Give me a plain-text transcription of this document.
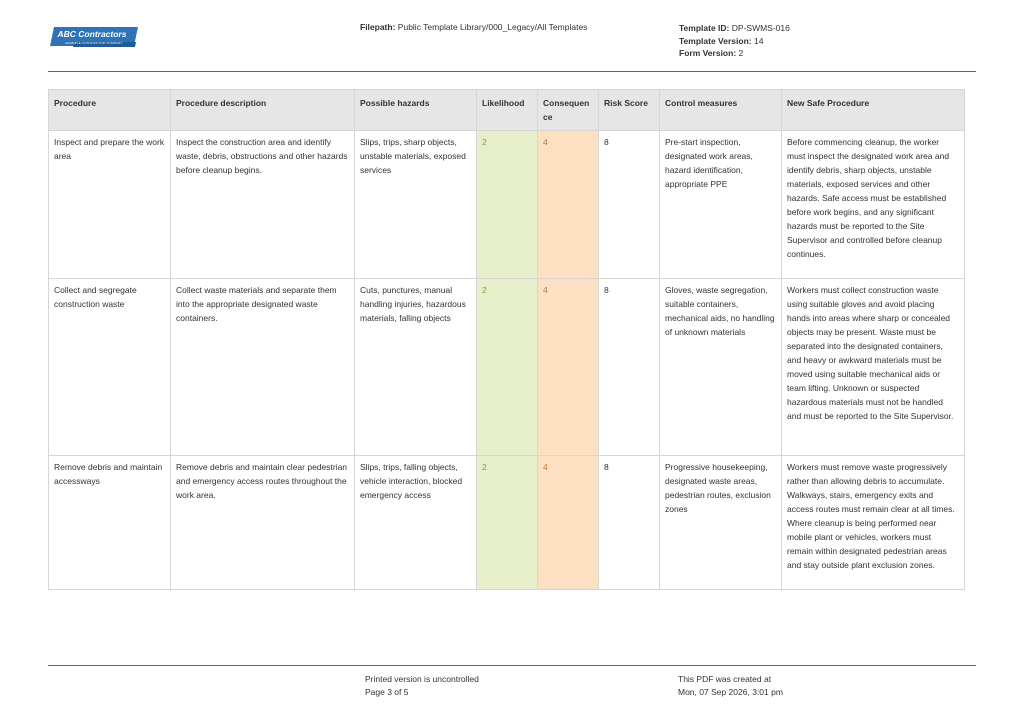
ABC Contractors
EXAMPLE CONTRACTOR COMPANY
Filepath: Public Template Library/000_Legacy/All Templates	Template ID: DP-SWMS-016
Template Version: 14
Form Version: 2
Procedure	Procedure description	Possible hazards	Likelihood	Consequence	Risk Score	Control measures	New Safe Procedure
Inspect and prepare the work area	Inspect the construction area and identify waste, debris, obstructions and other hazards before cleanup begins.	Slips, trips, sharp objects, unstable materials, exposed services	2	4	8	Pre-start inspection, designated work areas, hazard identification, appropriate PPE	Before commencing cleanup, the worker must inspect the designated work area and identify debris, sharp objects, unstable materials, exposed services and other hazards. Safe access must be established before work begins, and any significant hazards must be reported to the Site Supervisor and controlled before cleanup continues.
Collect and segregate construction waste	Collect waste materials and separate them into the appropriate designated waste containers.	Cuts, punctures, manual handling injuries, hazardous materials, falling objects	2	4	8	Gloves, waste segregation, suitable containers, mechanical aids, no handling of unknown materials	Workers must collect construction waste using suitable gloves and avoid placing hands into areas where sharp or concealed objects may be present. Waste must be separated into the designated containers, and heavy or awkward materials must be moved using suitable mechanical aids or team lifting. Unknown or suspected hazardous materials must not be handled and must be reported to the Site Supervisor.
Remove debris and maintain accessways	Remove debris and maintain clear pedestrian and emergency access routes throughout the work area.	Slips, trips, falling objects, vehicle interaction, blocked emergency access	2	4	8	Progressive housekeeping, designated waste areas, pedestrian routes, exclusion zones	Workers must remove waste progressively rather than allowing debris to accumulate. Walkways, stairs, emergency exits and access routes must remain clear at all times. Where cleanup is being performed near mobile plant or vehicles, workers must remain within designated pedestrian areas and stay outside plant exclusion zones.
Printed version is uncontrolled
Page 3 of 5
This PDF was created at
Mon, 07 Sep 2026, 3:01 pm
